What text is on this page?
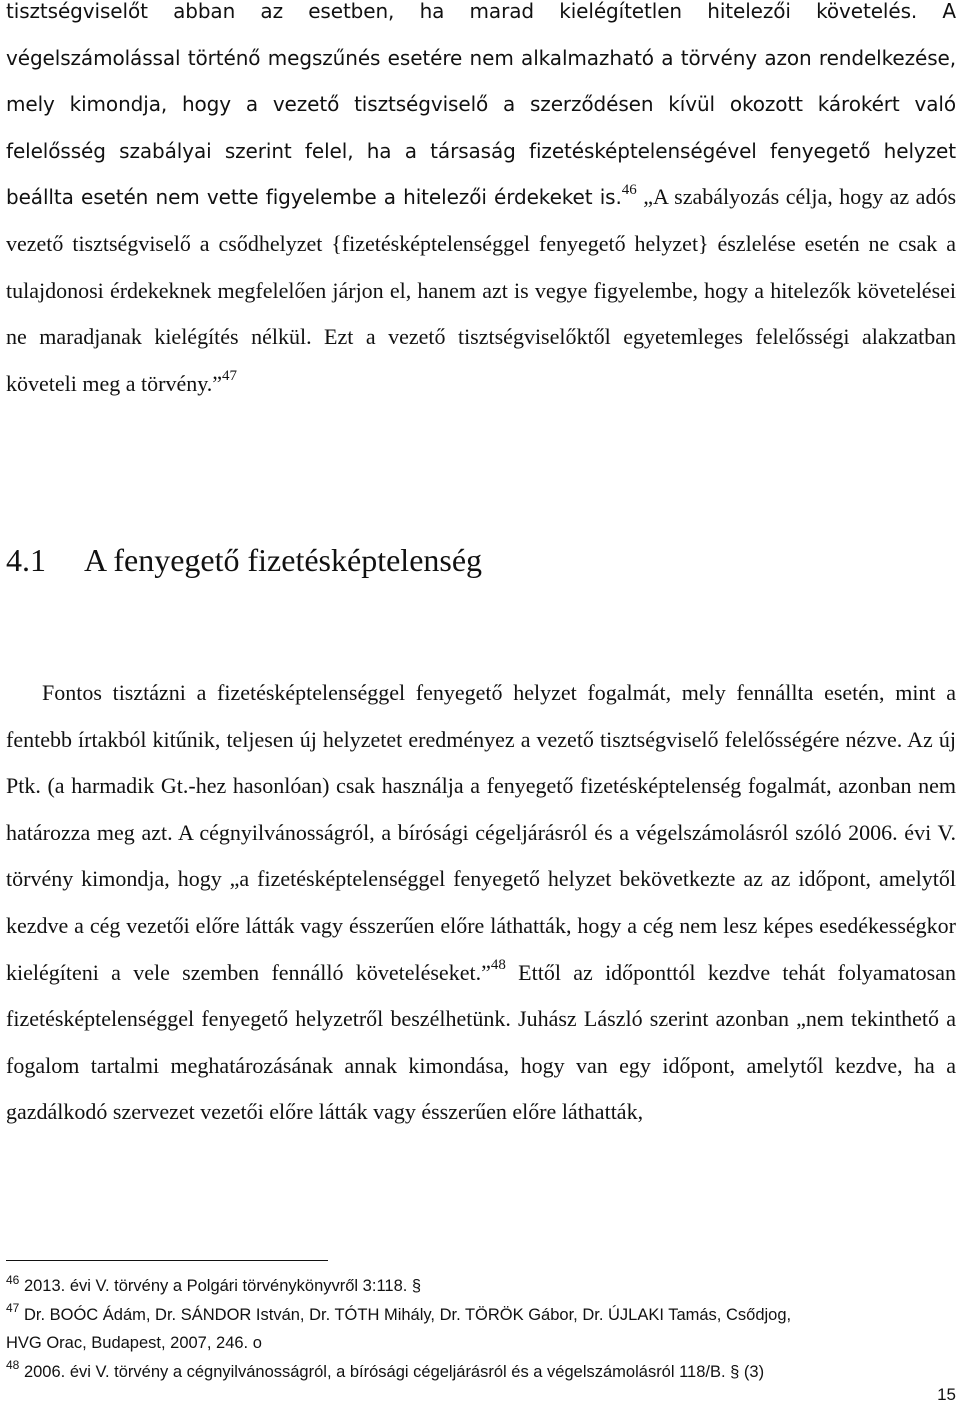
tisztségviselőt abban az esetben, ha marad kielégítetlen hitelezői követelés. A végelszámolással történő megszűnés esetére nem alkalmazható a törvény azon rendelkezése, mely kimondja, hogy a vezető tisztségviselő a szerződésen kívül okozott károkért való felelősség szabályai szerint felel, ha a társaság fizetésképtelenségével fenyegető helyzet beállta esetén nem vette figyelembe a hitelezői érdekeket is.$^{46}$ „A szabályozás célja, hogy az adós vezető tisztségviselő a csődhelyzet {fizetésképtelenséggel fenyegető helyzet} észlelése esetén ne csak a tulajdonosi érdekeknek megfelelően járjon el, hanem azt is vegye figyelembe, hogy a hitelezők követelései ne maradjanak kielégítés nélkül. Ezt a vezető tisztségviselőktől egyetemleges felelősségi alakzatban követeli meg a törvény.”$^{47}$

4.1 A fenyegető fizetésképtelenség

Fontos tisztázni a fizetésképtelenséggel fenyegető helyzet fogalmát, mely fennállta esetén, mint a fentebb írtakból kitűnik, teljesen új helyzetet eredményez a vezető tisztségviselő felelősségére nézve. Az új Ptk. (a harmadik Gt.-hez hasonlóan) csak használja a fenyegető fizetésképtelenség fogalmát, azonban nem határozza meg azt. A cégnyilvánosságról, a bírósági cégeljárásról és a végelszámolásról szóló 2006. évi V. törvény kimondja, hogy „a fizetésképtelenséggel fenyegető helyzet bekövetkezte az az időpont, amelytől kezdve a cég vezetői előre látták vagy ésszerűen előre láthatták, hogy a cég nem lesz képes esedékességkor kielégíteni a vele szemben fennálló követeléseket.”$^{48}$ Ettől az időponttól kezdve tehát folyamatosan fizetésképtelenséggel fenyegető helyzetről beszélhetünk. Juhász László szerint azonban „nem tekinthető a fogalom tartalmi meghatározásának annak kimondása, hogy van egy időpont, amelytől kezdve, ha a gazdálkodó szervezet vezetői előre látták vagy ésszerűen előre láthatták,

$^{46}$ 2013. évi V. törvény a Polgári törvénykönyvről 3:118. §

$^{47}$ Dr. BOÓC Ádám, Dr. SÁNDOR István, Dr. TÓTH Mihály, Dr. TÖRÖK Gábor, Dr. ÚJLAKI Tamás, Csődjog,
HVG Orac, Budapest, 2007, 246. o

$^{48}$ 2006. évi V. törvény a cégnyilvánosságról, a bírósági cégeljárásról és a végelszámolásról 118/B. § (3)

15
